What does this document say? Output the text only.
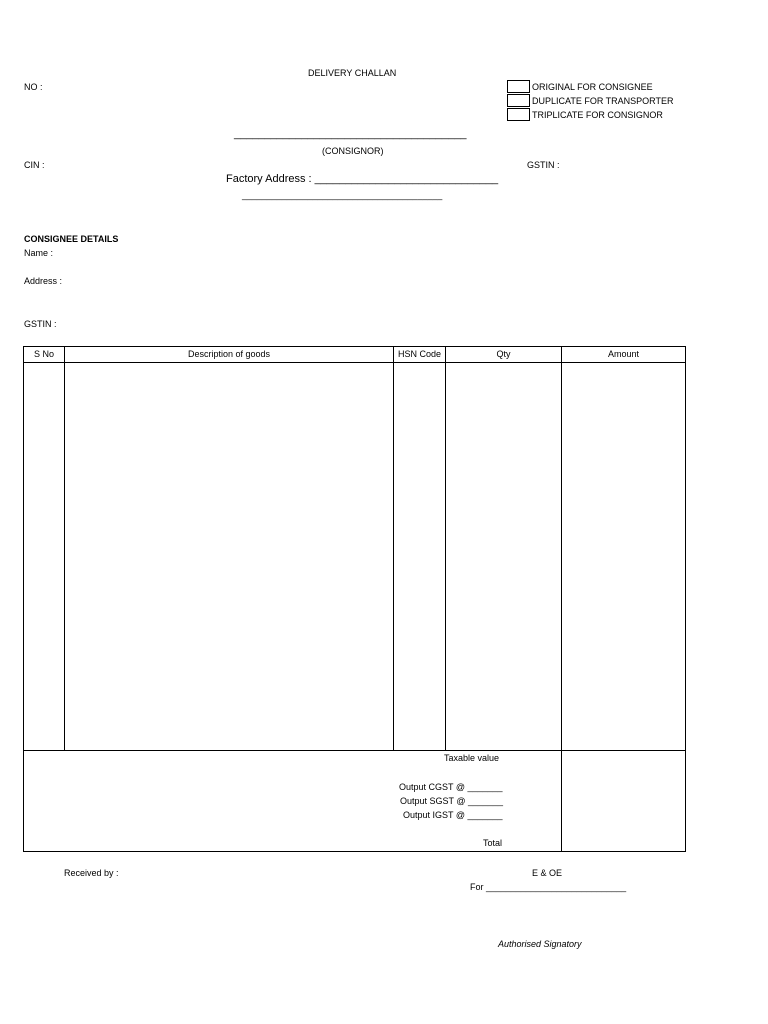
DELIVERY CHALLAN
NO :	ORIGINAL FOR CONSIGNEE
DUPLICATE FOR TRANSPORTER
TRIPLICATE FOR CONSIGNOR
______________________________________
(CONSIGNOR)
CIN :	GSTIN :
Factory Address : ______________________________
________________________________________
CONSIGNEE DETAILS
Name :
Address :
GSTIN :
S No	Description of goods	HSN Code	Qty	Amount
Taxable value
Output CGST @ _______
Output SGST @ _______
Output IGST @ _______
Total
Received by :	E & OE
For ____________________________
Authorised Signatory
